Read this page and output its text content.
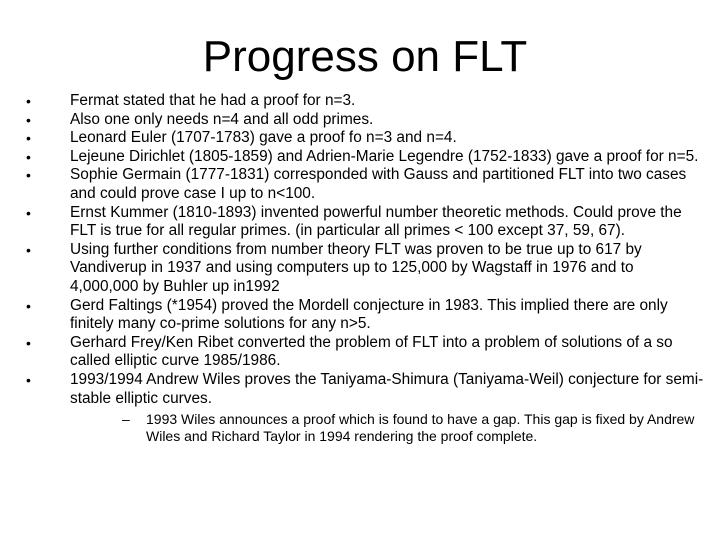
Progress on FLT
•	Fermat stated that he had a proof for n=3.
•	Also one only needs n=4 and all odd primes.
•	Leonard Euler (1707-1783) gave a proof fo n=3 and n=4.
•	Lejeune Dirichlet (1805-1859) and Adrien-Marie Legendre (1752-1833) gave a proof for n=5.
•	Sophie Germain (1777-1831) corresponded with Gauss and partitioned FLT into two cases and could prove case I up to n<100.
•	Ernst Kummer (1810-1893) invented powerful number theoretic methods. Could prove the FLT is true for all regular primes. (in particular all primes < 100 except 37, 59, 67).
•	Using further conditions from number theory FLT was proven to be true up to 617 by Vandiverup in 1937 and using computers up to 125,000 by Wagstaff in 1976 and to 4,000,000 by Buhler up in1992
•	Gerd Faltings (*1954) proved the Mordell conjecture in 1983. This implied there are only finitely many co-prime solutions for any n>5.
•	Gerhard Frey/Ken Ribet converted the problem of FLT into a problem of solutions of a so called elliptic curve 1985/1986.
•	1993/1994 Andrew Wiles proves the Taniyama-Shimura (Taniyama-Weil) conjecture for semi-stable elliptic curves.
– 1993 Wiles announces a proof which is found to have a gap. This gap is fixed by Andrew Wiles and Richard Taylor in 1994 rendering the proof complete.
